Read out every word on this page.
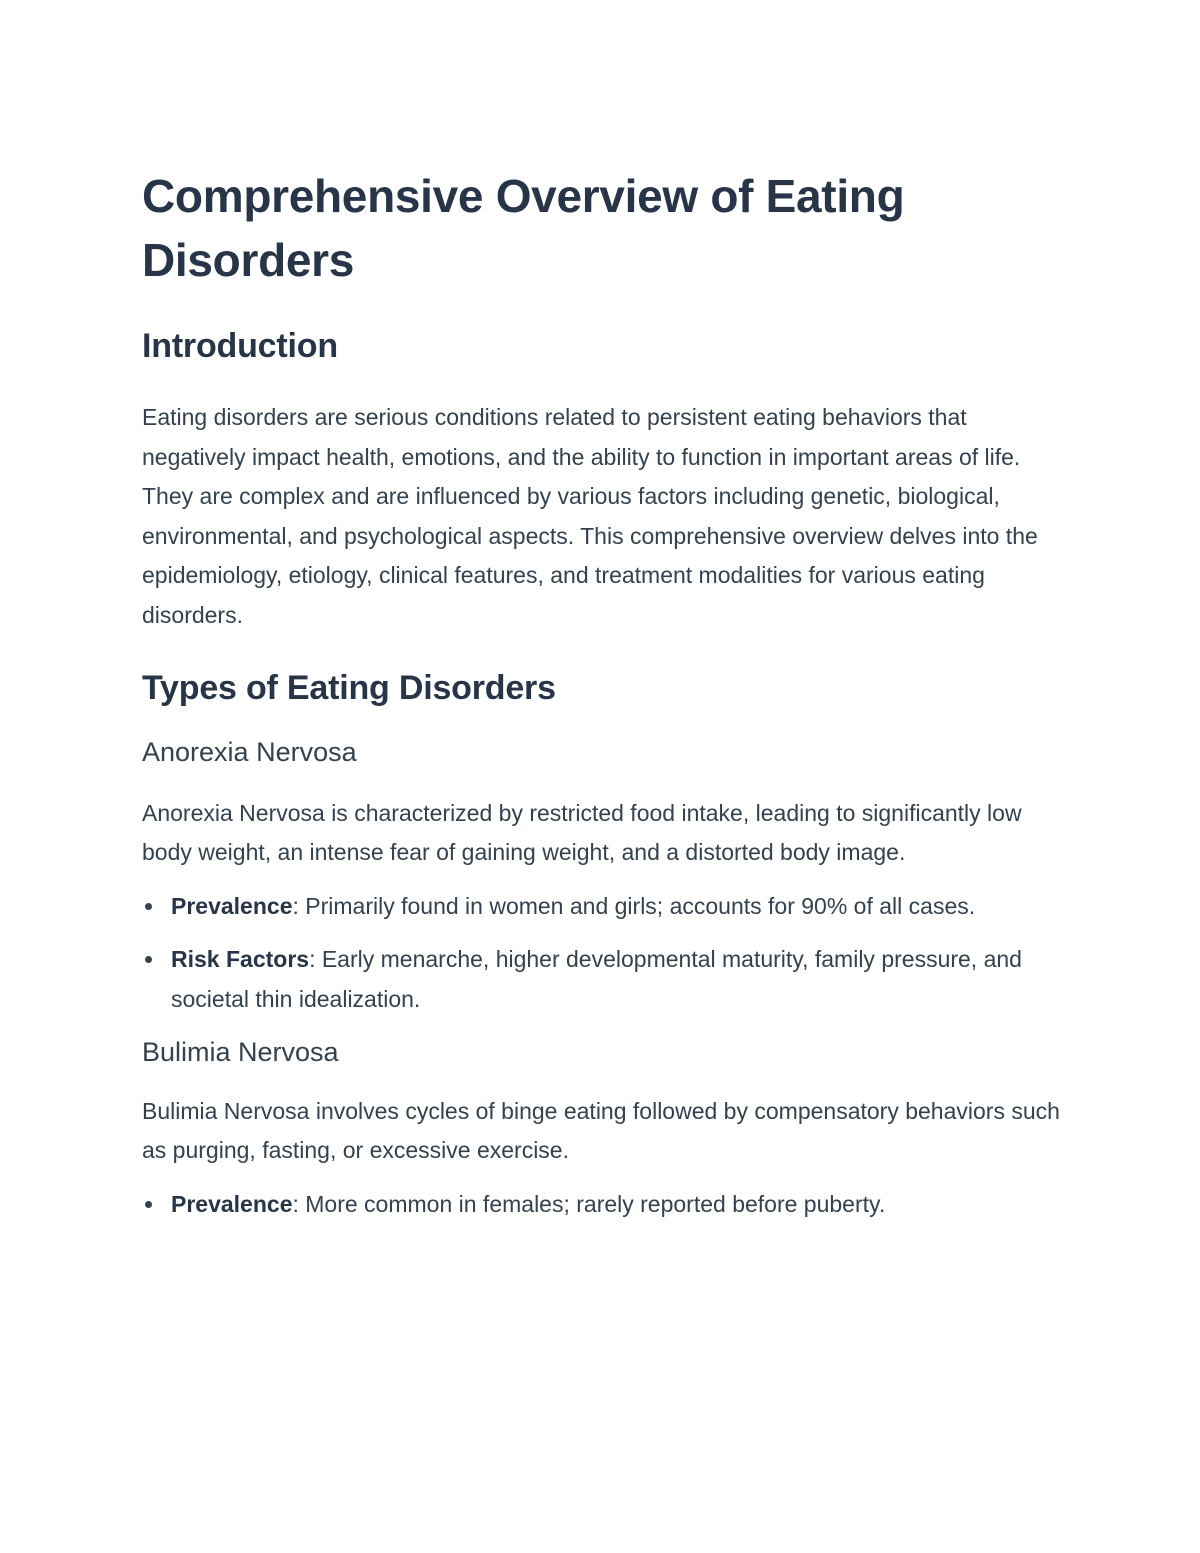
Comprehensive Overview of Eating Disorders
Introduction

Eating disorders are serious conditions related to persistent eating behaviors that negatively impact health, emotions, and the ability to function in important areas of life. They are complex and are influenced by various factors including genetic, biological, environmental, and psychological aspects. This comprehensive overview delves into the epidemiology, etiology, clinical features, and treatment modalities for various eating disorders.

Types of Eating Disorders
Anorexia Nervosa

Anorexia Nervosa is characterized by restricted food intake, leading to significantly low body weight, an intense fear of gaining weight, and a distorted body image.

Prevalence: Primarily found in women and girls; accounts for 90% of all cases.
Risk Factors: Early menarche, higher developmental maturity, family pressure, and societal thin idealization.
Bulimia Nervosa

Bulimia Nervosa involves cycles of binge eating followed by compensatory behaviors such as purging, fasting, or excessive exercise.

Prevalence: More common in females; rarely reported before puberty.
